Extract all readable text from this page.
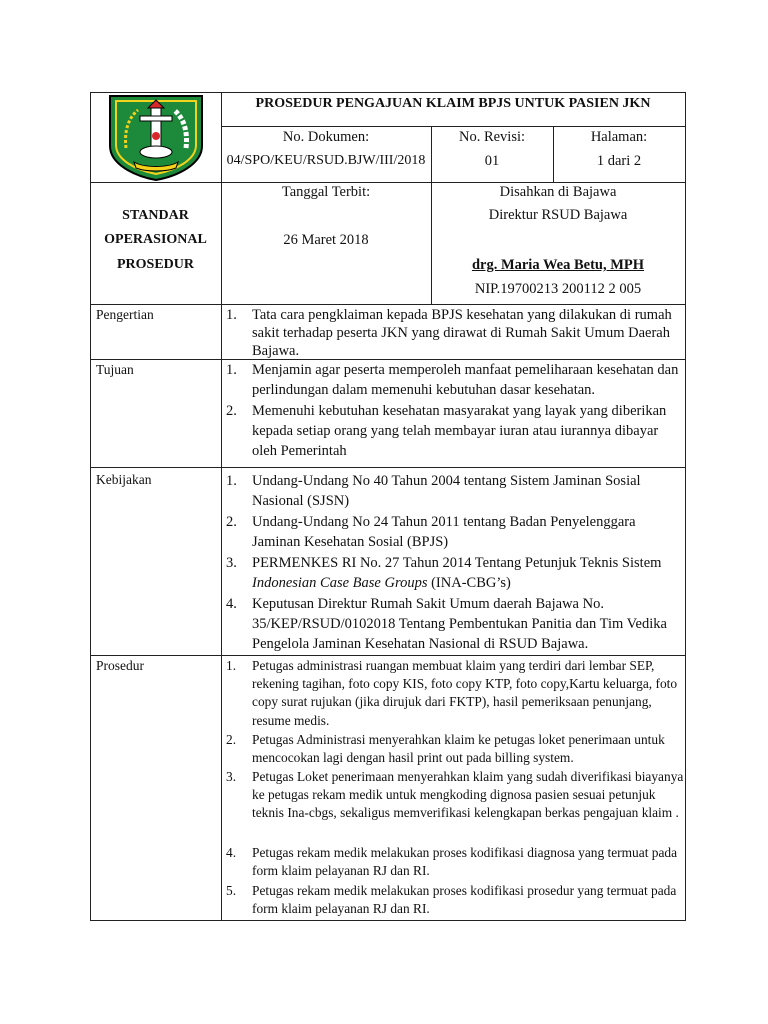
PROSEDUR PENGAJUAN KLAIM BPJS UNTUK PASIEN JKN
No. Dokumen:
04/SPO/KEU/RSUD.BJW/III/2018
No. Revisi:
01
Halaman:
1 dari 2
STANDAR
OPERASIONAL
PROSEDUR
Tanggal Terbit:
26 Maret 2018
Disahkan di Bajawa
Direktur RSUD Bajawa
drg. Maria Wea Betu, MPH
NIP.19700213 200112 2 005
Pengertian	1. Tata cara pengklaiman kepada BPJS kesehatan yang dilakukan di rumah sakit terhadap peserta JKN yang dirawat di Rumah Sakit Umum Daerah Bajawa.
Tujuan	1. Menjamin agar peserta memperoleh manfaat pemeliharaan kesehatan dan perlindungan dalam memenuhi kebutuhan dasar kesehatan.
2. Memenuhi kebutuhan kesehatan masyarakat yang layak yang diberikan kepada setiap orang yang telah membayar iuran atau iurannya dibayar oleh Pemerintah
Kebijakan	1. Undang-Undang No 40 Tahun 2004 tentang Sistem Jaminan Sosial Nasional (SJSN)
2. Undang-Undang No 24 Tahun 2011 tentang Badan Penyelenggara Jaminan Kesehatan Sosial (BPJS)
3. PERMENKES RI No. 27 Tahun 2014 Tentang Petunjuk Teknis Sistem Indonesian Case Base Groups (INA-CBG’s)
4. Keputusan Direktur Rumah Sakit Umum daerah Bajawa No. 35/KEP/RSUD/0102018 Tentang Pembentukan Panitia dan Tim Vedika Pengelola Jaminan Kesehatan Nasional di RSUD Bajawa.
Prosedur	1. Petugas administrasi ruangan membuat klaim yang terdiri dari lembar SEP, rekening tagihan, foto copy KIS, foto copy KTP, foto copy,Kartu keluarga, foto copy surat rujukan (jika dirujuk dari FKTP), hasil pemeriksaan penunjang, resume medis.
2. Petugas Administrasi menyerahkan klaim ke petugas loket penerimaan untuk mencocokan lagi dengan hasil print out pada billing system.
3. Petugas Loket penerimaan menyerahkan klaim yang sudah diverifikasi biayanya ke petugas rekam medik untuk mengkoding dignosa pasien sesuai petunjuk teknis Ina-cbgs, sekaligus memverifikasi kelengkapan berkas pengajuan klaim .
4. Petugas rekam medik melakukan proses kodifikasi diagnosa yang termuat pada form klaim pelayanan RJ dan RI.
5. Petugas rekam medik melakukan proses kodifikasi prosedur yang termuat pada form klaim pelayanan RJ dan RI.
